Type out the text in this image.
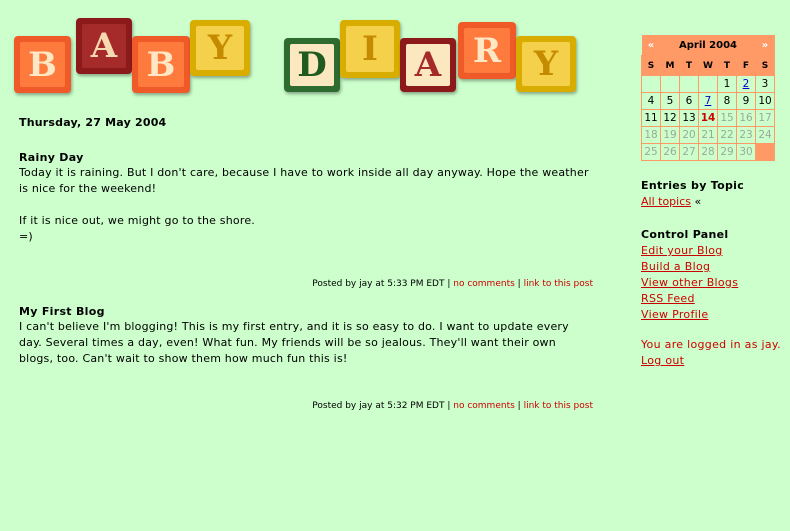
B A B Y D I A R Y
Thursday, 27 May 2004
Rainy Day

Today it is raining. But I don't care, because I have to work inside all day anyway. Hope the weather is nice for the weekend!

If it is nice out, we might go to the shore.
=)

Posted by jay at 5:33 PM EDT | no comments | link to this post
My First Blog

I can't believe I'm blogging! This is my first entry, and it is so easy to do. I want to update every day. Several times a day, even! What fun. My friends will be so jealous. They'll want their own blogs, too. Can't wait to show them how much fun this is!

Posted by jay at 5:32 PM EDT | no comments | link to this post
«	April 2004					»
S	M	T	W	T	F	S
				1	2	3
4	5	6	7	8	9	10
11	12	13	14	15	16	17
18	19	20	21	22	23	24
25	26	27	28	29	30	
Entries by Topic
All topics «
Control Panel
Edit your Blog
Build a Blog
View other Blogs
RSS Feed
View Profile
You are logged in as jay. Log out
